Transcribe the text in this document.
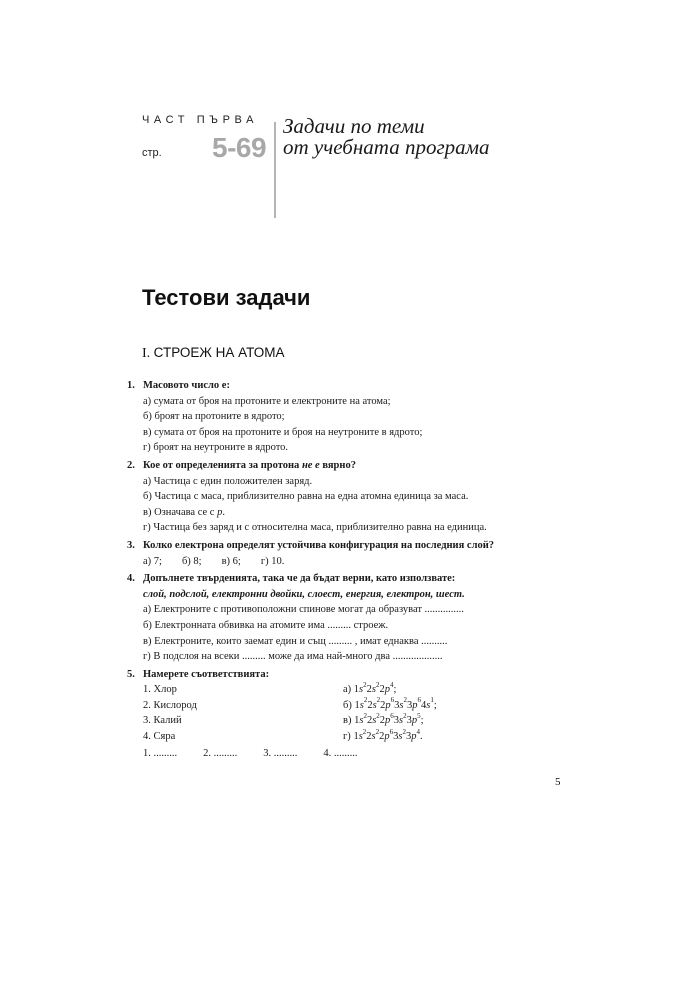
ЧАСТ ПЪРВА
стр. 5-69
Задачи по теми
от учебната програма
Тестови задачи
I. СТРОЕЖ НА АТОМА
1. Масовото число е:
а) сумата от броя на протоните и електроните на атома;
б) броят на протоните в ядрото;
в) сумата от броя на протоните и броя на неутроните в ядрото;
г) броят на неутроните в ядрото.
2. Кое от определенията за протона не е вярно?
а) Частица с един положителен заряд.
б) Частица с маса, приблизително равна на една атомна единица за маса.
в) Означава се с p.
г) Частица без заряд и с относителна маса, приблизително равна на единица.
3. Колко електрона определят устойчива конфигурация на последния слой?
а) 7; б) 8; в) 6; г) 10.
4. Допълнете твърденията, така че да бъдат верни, като използвате:
слой, подслой, електронни двойки, слоест, енергия, електрон, шест.
а) Електроните с противоположни спинове могат да образуват ...............
б) Електронната обвивка на атомите има ......... строеж.
в) Електроните, които заемат един и същ ......... , имат еднаква ..........
г) В подслоя на всеки ......... може да има най-много два ...................
5. Намерете съответствията:
1. Хлор	а) $1s^22s^22p^4$;
2. Кислород	б) $1s^22s^22p^63s^23p^64s^1$;
3. Калий	в) $1s^22s^22p^63s^23p^5$;
4. Сяра	г) $1s^22s^22p^63s^23p^4$.
1. ......... 2. ......... 3. ......... 4. .........
5
